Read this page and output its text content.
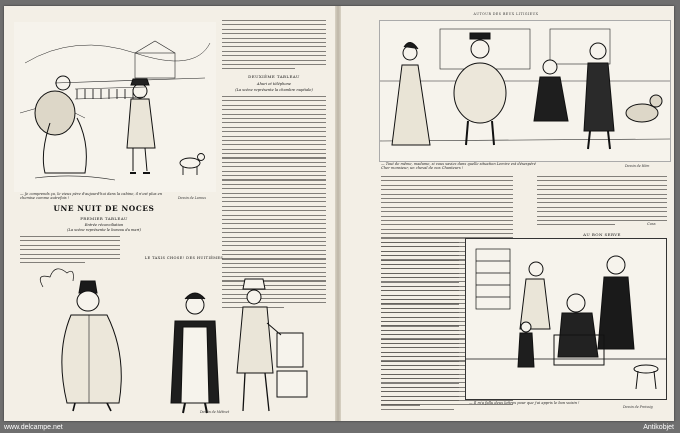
— Je comprends ça, le vieux père d'aujourd'hui dans la cabine, il n'est plus en chemise comme autrefois !	Dessin de Laroux
DEUXIÈME TABLEAU
Ahuri et téléphone
(La scène représente la chambre nuptiale)
UNE NUIT DE NOCES
PREMIER TABLEAU
Entrée réconciliation
(La scène représente le bureau du mari)
LE TAXIS CHOSE! DES HUITIÈMES
Dessin de Métivet
AUTOUR DES BEUX LITIGIEUX
— Tout de même, madame, si vous saviez dans quelle situation Lemire est désespéré Cher monsieur, un cheval de nos Chanteurs !
Dessin de Hém
Coss
AU BON SERVE
— Il m'a fallu deux lettres pour que j'ai appris le bon voisin !
Dessin de Preissig
www.delcampe.net	Antikobjet
